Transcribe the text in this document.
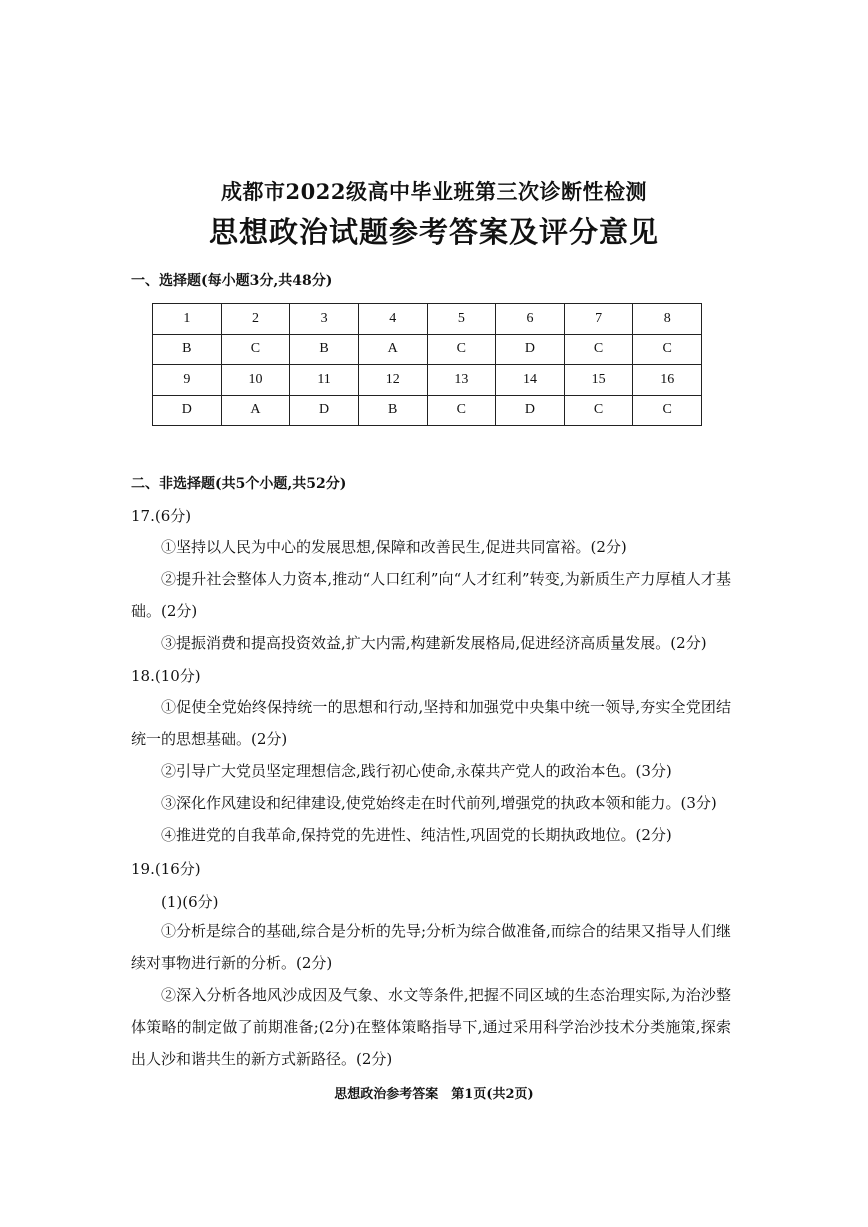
成都市2022级高中毕业班第三次诊断性检测
思想政治试题参考答案及评分意见
一、选择题(每小题3分,共48分)
1	2	3	4	5	6	7	8
B	C	B	A	C	D	C	C
9	10	11	12	13	14	15	16
D	A	D	B	C	D	C	C
二、非选择题(共5个小题,共52分)
17.(6分)
①坚持以人民为中心的发展思想,保障和改善民生,促进共同富裕。(2分)
②提升社会整体人力资本,推动“人口红利”向“人才红利”转变,为新质生产力厚植人才基础。(2分)
③提振消费和提高投资效益,扩大内需,构建新发展格局,促进经济高质量发展。(2分)
18.(10分)
①促使全党始终保持统一的思想和行动,坚持和加强党中央集中统一领导,夯实全党团结统一的思想基础。(2分)
②引导广大党员坚定理想信念,践行初心使命,永葆共产党人的政治本色。(3分)
③深化作风建设和纪律建设,使党始终走在时代前列,增强党的执政本领和能力。(3分)
④推进党的自我革命,保持党的先进性、纯洁性,巩固党的长期执政地位。(2分)
19.(16分)
(1)(6分)
①分析是综合的基础,综合是分析的先导;分析为综合做准备,而综合的结果又指导人们继续对事物进行新的分析。(2分)
②深入分析各地风沙成因及气象、水文等条件,把握不同区域的生态治理实际,为治沙整体策略的制定做了前期准备;(2分)在整体策略指导下,通过采用科学治沙技术分类施策,探索出人沙和谐共生的新方式新路径。(2分)
思想政治参考答案　第1页(共2页)
